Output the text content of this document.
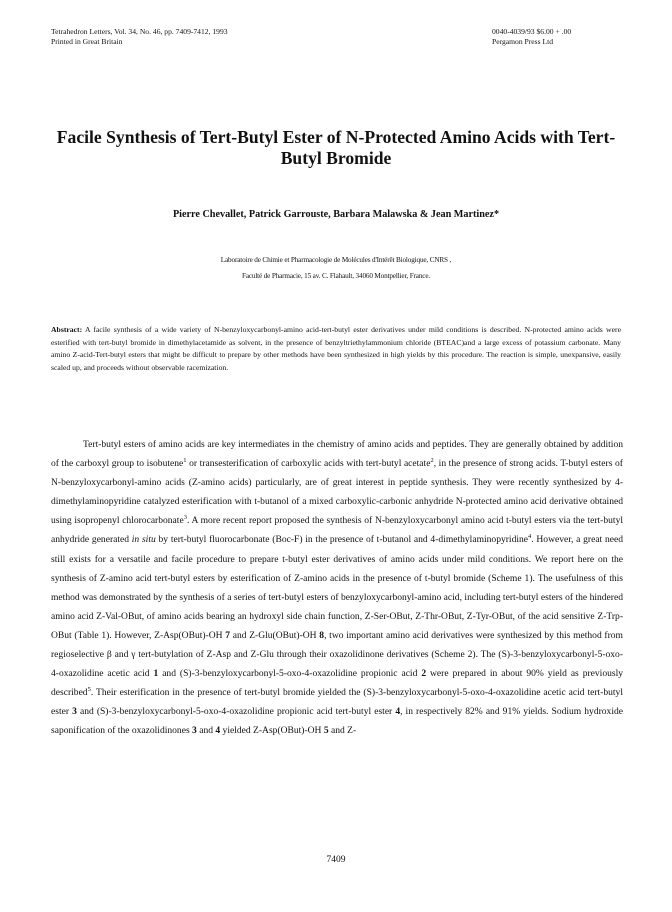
Tetrahedron Letters, Vol. 34, No. 46, pp. 7409-7412, 1993
Printed in Great Britain
0040-4039/93 $6.00 + .00
Pergamon Press Ltd
Facile Synthesis of Tert-Butyl Ester of N-Protected Amino Acids with Tert-Butyl Bromide
Pierre Chevallet, Patrick Garrouste, Barbara Malawska & Jean Martinez*
Laboratoire de Chimie et Pharmacologie de Molécules d'Intérêt Biologique, CNRS ,
Faculté de Pharmacie, 15 av. C. Flahault, 34060 Montpellier, France.
Abstract: A facile synthesis of a wide variety of N-benzyloxycarbonyl-amino acid-tert-butyl ester derivatives under mild conditions is described. N-protected amino acids were esterified with tert-butyl bromide in dimethylacetamide as solvent, in the presence of benzyltriethylammonium chloride (BTEAC)and a large excess of potassium carbonate. Many amino Z-acid-Tert-butyl esters that might be difficult to prepare by other methods have been synthesized in high yields by this procedure. The reaction is simple, unexpansive, easily scaled up, and proceeds without observable racemization.

Tert-butyl esters of amino acids are key intermediates in the chemistry of amino acids and peptides. They are generally obtained by addition of the carboxyl group to isobutene$^1$ or transesterification of carboxylic acids with tert-butyl acetate$^2$, in the presence of strong acids. T-butyl esters of N-benzyloxycarbonyl-amino acids (Z-amino acids) particularly, are of great interest in peptide synthesis. They were recently synthesized by 4-dimethylaminopyridine catalyzed esterification with t-butanol of a mixed carboxylic-carbonic anhydride N-protected amino acid derivative obtained using isopropenyl chlorocarbonate$^3$. A more recent report proposed the synthesis of N-benzyloxycarbonyl amino acid t-butyl esters via the tert-butyl anhydride generated in situ by tert-butyl fluorocarbonate (Boc-F) in the presence of t-butanol and 4-dimethylaminopyridine$^4$. However, a great need still exists for a versatile and facile procedure to prepare t-butyl ester derivatives of amino acids under mild conditions. We report here on the synthesis of Z-amino acid tert-butyl esters by esterification of Z-amino acids in the presence of t-butyl bromide (Scheme 1). The usefulness of this method was demonstrated by the synthesis of a series of tert-butyl esters of benzyloxycarbonyl-amino acid, including tert-butyl esters of the hindered amino acid Z-Val-OBut, of amino acids bearing an hydroxyl side chain function, Z-Ser-OBut, Z-Thr-OBut, Z-Tyr-OBut, of the acid sensitive Z-Trp-OBut (Table 1). However, Z-Asp(OBut)-OH 7 and Z-Glu(OBut)-OH 8, two important amino acid derivatives were synthesized by this method from regioselective β and γ tert-butylation of Z-Asp and Z-Glu through their oxazolidinone derivatives (Scheme 2). The (S)-3-benzyloxycarbonyl-5-oxo-4-oxazolidine acetic acid 1 and (S)-3-benzyloxycarbonyl-5-oxo-4-oxazolidine propionic acid 2 were prepared in about 90% yield as previously described$^5$. Their esterification in the presence of tert-butyl bromide yielded the (S)-3-benzyloxycarbonyl-5-oxo-4-oxazolidine acetic acid tert-butyl ester 3 and (S)-3-benzyloxycarbonyl-5-oxo-4-oxazolidine propionic acid tert-butyl ester 4, in respectively 82% and 91% yields. Sodium hydroxide saponification of the oxazolidinones 3 and 4 yielded Z-Asp(OBut)-OH 5 and Z-

7409
